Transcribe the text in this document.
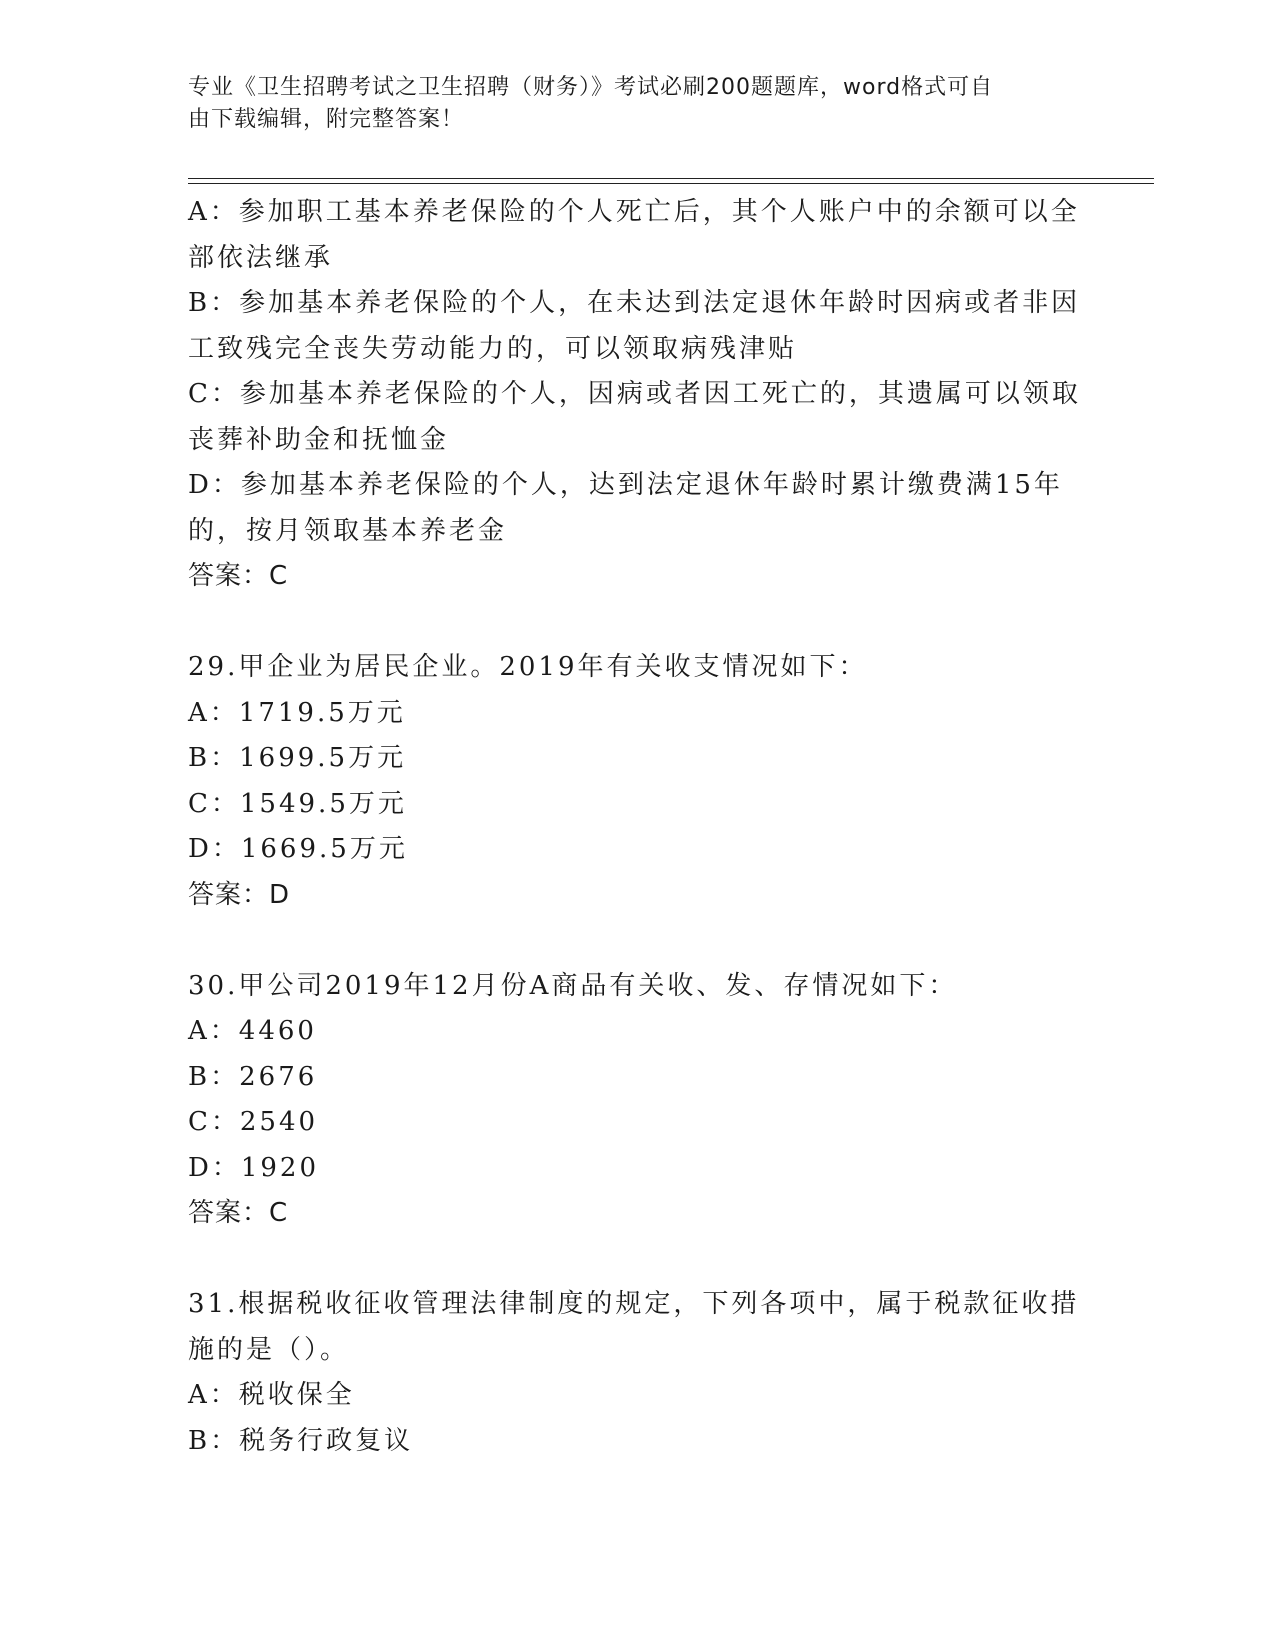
专业《卫生招聘考试之卫生招聘（财务）》考试必刷200题题库，word格式可自
由下载编辑，附完整答案！
A：参加职工基本养老保险的个人死亡后，其个人账户中的余额可以全
部依法继承
B：参加基本养老保险的个人，在未达到法定退休年龄时因病或者非因
工致残完全丧失劳动能力的，可以领取病残津贴
C：参加基本养老保险的个人，因病或者因工死亡的，其遗属可以领取
丧葬补助金和抚恤金
D：参加基本养老保险的个人，达到法定退休年龄时累计缴费满15年
的，按月领取基本养老金
答案：C
29.甲企业为居民企业。2019年有关收支情况如下：
A：1719.5万元
B：1699.5万元
C：1549.5万元
D：1669.5万元
答案：D
30.甲公司2019年12月份A商品有关收、发、存情况如下：
A：4460
B：2676
C：2540
D：1920
答案：C
31.根据税收征收管理法律制度的规定，下列各项中，属于税款征收措
施的是（）。
A：税收保全
B：税务行政复议
